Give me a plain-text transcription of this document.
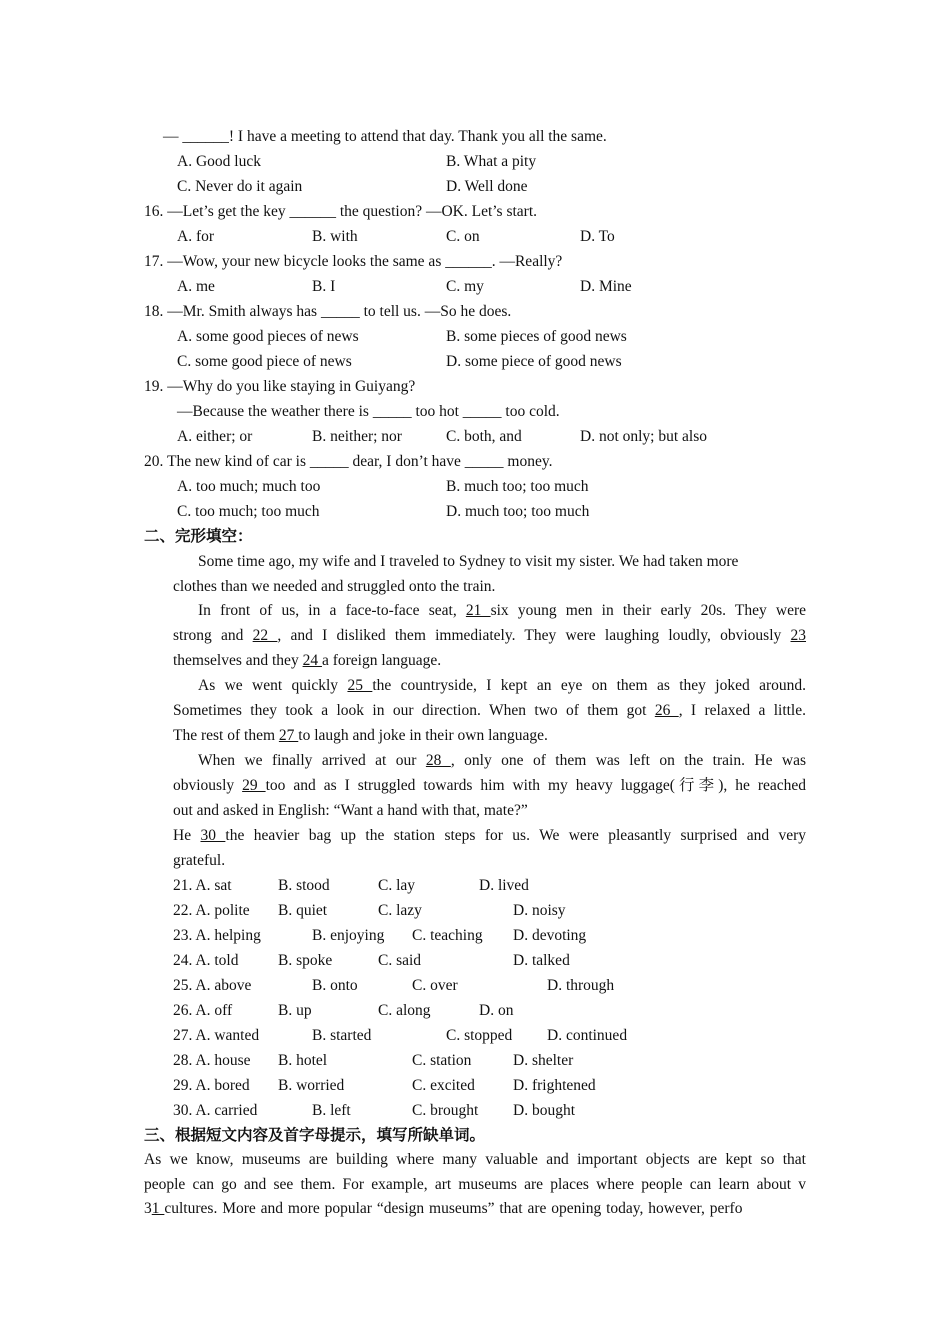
— ______! I have a meeting to attend that day. Thank you all the same.
A. Good luck	B. What a pity
C. Never do it again	D. Well done
16. —Let’s get the key ______ the question? —OK. Let’s start.
A. for	B. with	C. on	D. To
17. —Wow, your new bicycle looks the same as ______. —Really?
A. me	B. I	C. my	D. Mine
18. —Mr. Smith always has _____ to tell us. —So he does.
A. some good pieces of news	B. some pieces of good news
C. some good piece of news	D. some piece of good news
19. —Why do you like staying in Guiyang?
—Because the weather there is _____ too hot _____ too cold.
A. either; or	B. neither; nor	C. both, and	D. not only; but also
20. The new kind of car is _____ dear, I don’t have _____ money.
A. too much; much too	B. much too; too much
C. too much; too much	D. much too; too much
二、完形填空：
Some time ago, my wife and I traveled to Sydney to visit my sister. We had taken more
clothes than we needed and struggled onto the train.
In front of us, in a face-to-face seat, 21 six young men in their early 20s. They were
strong and 22 , and I disliked them immediately. They were laughing loudly, obviously 23
themselves and they 24 a foreign language.
As we went quickly 25 the countryside, I kept an eye on them as they joked around.
Sometimes they took a look in our direction. When two of them got 26 , I relaxed a little.
The rest of them 27 to laugh and joke in their own language.
When we finally arrived at our 28 , only one of them was left on the train. He was
obviously 29 too and as I struggled towards him with my heavy luggage(行李), he reached
out and asked in English: “Want a hand with that, mate?”
He 30 the heavier bag up the station steps for us. We were pleasantly surprised and very
grateful.
21. A. sat	B. stood	C. lay	D. lived
22. A. polite B. quiet	C. lazy	D. noisy
23. A. helping	B. enjoying C. teaching D. devoting
24. A. told	B. spoke	C. said	D. talked
25. A. above	B. onto	C. over	D. through
26. A. off	B. up	C. along	D. on
27. A. wanted	B. started	C. stopped D. continued
28. A. house B. hotel	C. station	D. shelter
29. A. bored B. worried	C. excited D. frightened
30. A. carried	B. left	C. brought D. bought
三、根据短文内容及首字母提示，填写所缺单词。
As we know, museums are building where many valuable and important objects are kept so that
people can go and see them. For example, art museums are places where people can learn about v
31 cultures. More and more popular “design museums” that are opening today, however, perfo
